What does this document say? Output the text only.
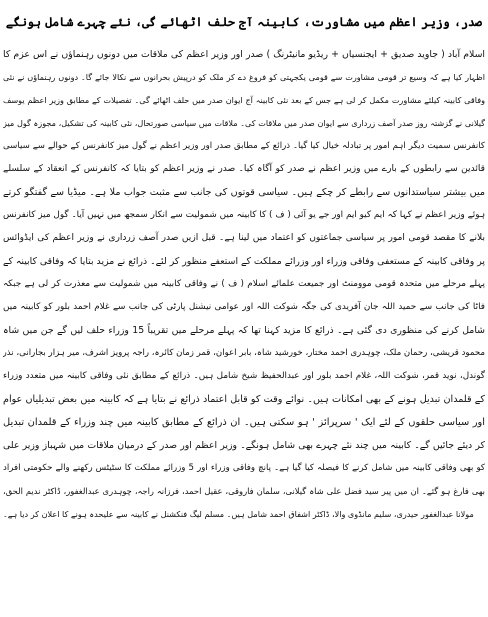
صدر، وزیر اعظم میں مشاورت، کابینہ آج حلف اٹھائے گی، نئے چہرے شامل ہونگے
اسلام آباد ( جاوید صدیق + ایجنسیاں + ریڈیو مانیٹرنگ ) صدر اور وزیر اعظم کی ملاقات میں دونوں رہنماؤں نے اس عزم کا
اظہار کیا ہے کہ وسیع تر قومی مشاورت سے قومی یکجہتی کو فروغ دے کر ملک کو درپیش بحرانوں سے نکالا جائے گا۔ دونوں رہنماؤں نے نئی
وفاقی کابینہ کیلئے مشاورت مکمل کر لی ہے جس کے بعد نئی کابینہ آج ایوان صدر میں حلف اٹھائے گی۔ تفصیلات کے مطابق وزیر اعظم یوسف
گیلانی نے گزشتہ روز صدر آصف زرداری سے ایوان صدر میں ملاقات کی۔ ملاقات میں سیاسی صورتحال، نئی کابینہ کی تشکیل، مجوزہ گول میز
کانفرنس سمیت دیگر اہم امور پر تبادلہ خیال کیا گیا۔ ذرائع کے مطابق صدر اور وزیر اعظم نے گول میز کانفرنس کے حوالے سے سیاسی
قائدین سے رابطوں کے بارے میں وزیر اعظم نے صدر کو آگاہ کیا۔ صدر نے وزیر اعظم کو بتایا کہ کانفرنس کے انعقاد کے سلسلے
میں بیشتر سیاستدانوں سے رابطے کر چکے ہیں۔ سیاسی قوتوں کی جانب سے مثبت جواب ملا ہے۔ میڈیا سے گفتگو کرتے
ہوئے وزیر اعظم نے کہا کہ ایم کیو ایم اور جے یو آئی ( ف ) کا کابینہ میں شمولیت سے انکار سمجھ میں نہیں آیا۔ گول میز کانفرنس
بلانے کا مقصد قومی امور پر سیاسی جماعتوں کو اعتماد میں لینا ہے۔ قبل ازیں صدر آصف زرداری نے وزیر اعظم کی ایڈوائس
پر وفاقی کابینہ کے مستعفی وفاقی وزراء اور وزرائے مملکت کے استعفے منظور کر لئے۔ ذرائع نے مزید بتایا کہ وفاقی کابینہ کے
پہلے مرحلے میں متحدہ قومی موومنٹ اور جمیعت علمائے اسلام ( ف ) نے وفاقی کابینہ میں شمولیت سے معذرت کر لی ہے جبکہ
فاٹا کی جانب سے حمید اللہ جان آفریدی کی جگہ شوکت اللہ اور عوامی نیشنل پارٹی کی جانب سے غلام احمد بلور کو کابینہ میں
شامل کرنے کی منظوری دی گئی ہے۔ ذرائع کا مزید کہنا تھا کہ پہلے مرحلے میں تقریباً 15 وزراء حلف لیں گے جن میں شاہ
محمود قریشی، رحمان ملک، چوہدری احمد مختار، خورشید شاہ، بابر اعوان، قمر زمان کائرہ، راجہ پرویز اشرف، میر ہزار بجارانی، نذر
گوندل، نوید قمر، شوکت اللہ، غلام احمد بلور اور عبدالحفیظ شیخ شامل ہیں۔ ذرائع کے مطابق نئی وفاقی کابینہ میں متعدد وزراء
کے قلمدان تبدیل ہونے کے بھی امکانات ہیں۔ نوائے وقت کو قابل اعتماد ذرائع نے بتایا ہے کہ کابینہ میں بعض تبدیلیاں عوام
اور سیاسی حلقوں کے لئے ایک ' سرپرائز ' ہو سکتی ہیں۔ ان ذرائع کے مطابق کابینہ میں چند وزراء کے قلمدان تبدیل
کر دیئے جائیں گے۔ کابینہ میں چند نئے چہرے بھی شامل ہونگے۔ وزیر اعظم اور صدر کے درمیان ملاقات میں شہباز وزیر علی
کو بھی وفاقی کابینہ میں شامل کرنے کا فیصلہ کیا گیا ہے۔ پانچ وفاقی وزراء اور 5 وزرائے مملکت کا سٹیٹس رکھنے والے حکومتی افراد
بھی فارغ ہو گئے۔ ان میں پیر سید فضل علی شاہ گیلانی، سلمان فاروقی، عقیل احمد، فرزانہ راجہ، چوہدری عبدالغفور، ڈاکٹر ندیم الحق،
مولانا عبدالغفور حیدری، سلیم مانڈوی والا، ڈاکٹر اشفاق احمد شامل ہیں۔ مسلم لیگ فنکشنل نے کابینہ سے علیحدہ ہونے کا اعلان کر دیا ہے۔
